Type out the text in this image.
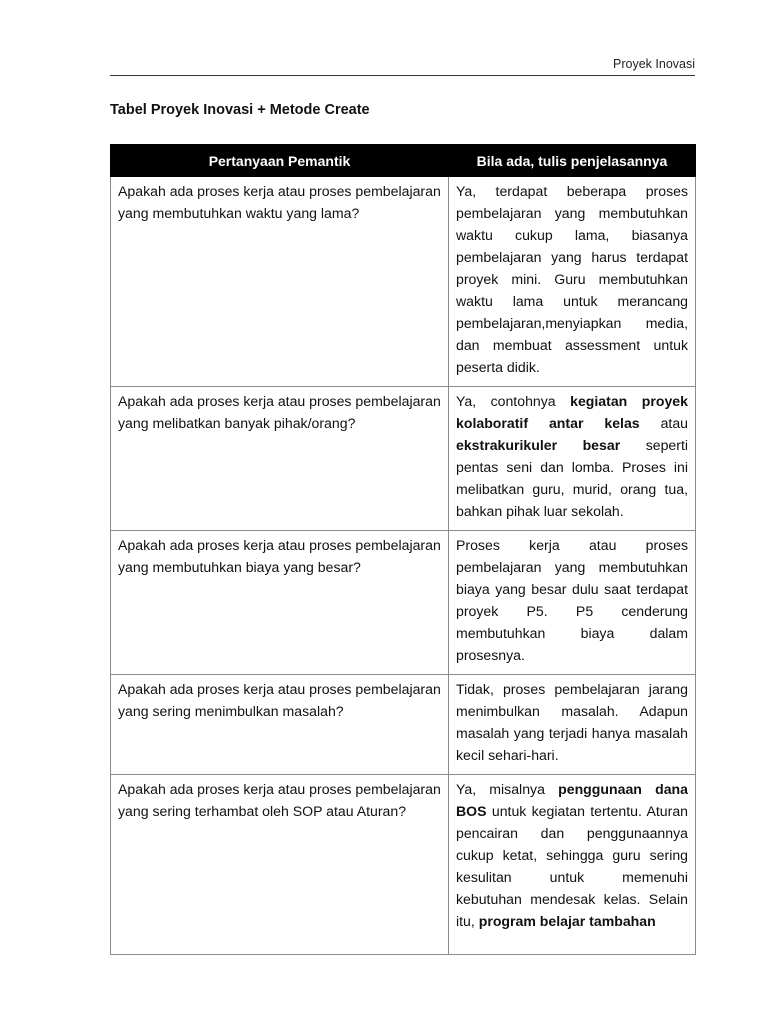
Proyek Inovasi
Tabel Proyek Inovasi + Metode Create
Pertanyaan Pemantik	Bila ada, tulis penjelasannya
Apakah ada proses kerja atau proses pembelajaran yang membutuhkan waktu yang lama?	Ya, terdapat beberapa proses pembelajaran yang membutuhkan waktu cukup lama, biasanya pembelajaran yang harus terdapat proyek mini. Guru membutuhkan waktu lama untuk merancang pembelajaran,menyiapkan media, dan membuat assessment untuk peserta didik.
Apakah ada proses kerja atau proses pembelajaran yang melibatkan banyak pihak/orang?	Ya, contohnya kegiatan proyek kolaboratif antar kelas atau ekstrakurikuler besar seperti pentas seni dan lomba. Proses ini melibatkan guru, murid, orang tua, bahkan pihak luar sekolah.
Apakah ada proses kerja atau proses pembelajaran yang membutuhkan biaya yang besar?	Proses kerja atau proses pembelajaran yang membutuhkan biaya yang besar dulu saat terdapat proyek P5. P5 cenderung membutuhkan biaya dalam prosesnya.
Apakah ada proses kerja atau proses pembelajaran yang sering menimbulkan masalah?	Tidak, proses pembelajaran jarang menimbulkan masalah. Adapun masalah yang terjadi hanya masalah kecil sehari-hari.
Apakah ada proses kerja atau proses pembelajaran yang sering terhambat oleh SOP atau Aturan?	Ya, misalnya penggunaan dana BOS untuk kegiatan tertentu. Aturan pencairan dan penggunaannya cukup ketat, sehingga guru sering kesulitan untuk memenuhi kebutuhan mendesak kelas. Selain itu, program belajar tambahan
